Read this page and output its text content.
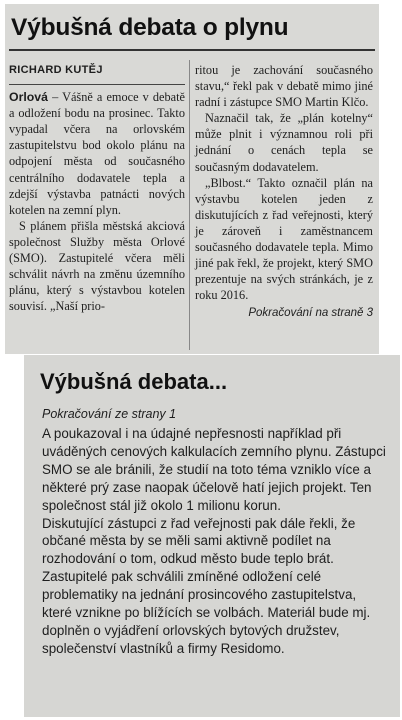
Výbušná debata o plynu

RICHARD KUTĚJ

Orlová – Vášně a emoce v debatě a odložení bodu na prosinec. Takto vypadal včera na orlovském zastupitelstvu bod okolo plánu na odpojení města od současného centrálního dodavatele tepla a zdejší výstavba patnácti nových kotelen na zemní plyn.

S plánem přišla městská akciová společnost Služby města Orlové (SMO). Zastupitelé včera měli schválit návrh na změnu územního plánu, který s výstavbou kotelen souvisí. „Naší prio-

ritou je zachování současného stavu,“ řekl pak v debatě mimo jiné radní i zástupce SMO Martin Klčo.

Naznačil tak, že „plán kotelny“ může plnit i významnou roli při jednání o cenách tepla se současným dodavatelem.

„Blbost.“ Takto označil plán na výstavbu kotelen jeden z diskutujících z řad veřejnosti, který je zároveň i zaměstnancem současného dodavatele tepla. Mimo jiné pak řekl, že projekt, který SMO prezentuje na svých stránkách, je z roku 2016.

Pokračování na straně 3

Výbušná debata...
Pokračování ze strany 1

A poukazoval i na údajné nepřesnosti například při uváděných cenových kalkulacích zemního plynu. Zástupci SMO se ale bránili, že studií na toto téma vzniklo více a některé prý zase naopak účelově hatí jejich projekt. Ten společnost stál již okolo 1 milionu korun.

Diskutující zástupci z řad veřejnosti pak dále řekli, že občané města by se měli sami aktivně podílet na rozhodování o tom, odkud město bude teplo brát.

Zastupitelé pak schválili zmíněné odložení celé problematiky na jednání prosincového zastupitelstva, které vznikne po blížících se volbách. Materiál bude mj. doplněn o vyjádření orlovských bytových družstev, společenství vlastníků a firmy Residomo.
